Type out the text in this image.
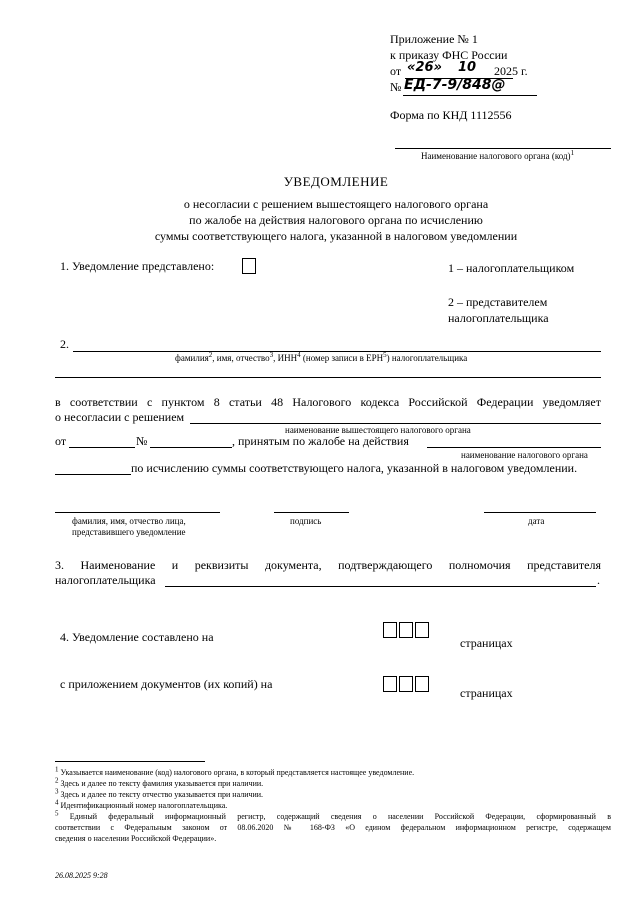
Приложение № 1
к приказу ФНС России
от «26» 10 2025 г.
№ ЕД-7-9/848@
Форма по КНД 1112556
Наименование налогового органа (код)$^1$
УВЕДОМЛЕНИЕ
о несогласии с решением вышестоящего налогового органа
по жалобе на действия налогового органа по исчислению
суммы соответствующего налога, указанной в налоговом уведомлении
1. Уведомление представлено:	1 – налогоплательщиком
2 – представителем
налогоплательщика
2.
фамилия$^2$, имя, отчество$^3$, ИНН$^4$ (номер записи в ЕРН$^5$) налогоплательщика
в соответствии с пунктом 8 статьи 48 Налогового кодекса Российской Федерации уведомляет
о несогласии с решением
наименование вышестоящего налогового органа
от	№	, принятым по жалобе на действия
наименование налогового органа
по исчислению суммы соответствующего налога, указанной в налоговом уведомлении.
фамилия, имя, отчество лица,
представившего уведомление
подпись	дата
3. Наименование и реквизиты документа, подтверждающего полномочия представителя
налогоплательщика	.
4. Уведомление составлено на	страницах
с приложением документов (их копий) на
страницах
$^1$ Указывается наименование (код) налогового органа, в который представляется настоящее уведомление.
$^2$ Здесь и далее по тексту фамилия указывается при наличии.
$^3$ Здесь и далее по тексту отчество указывается при наличии.
$^4$ Идентификационный номер налогоплательщика.
$^5$ Единый федеральный информационный регистр, содержащий сведения о населении Российской Федерации, сформированный в
соответствии с Федеральным законом от 08.06.2020 № 168-ФЗ «О едином федеральном информационном регистре, содержащем
сведения о населении Российской Федерации».
26.08.2025 9:28
